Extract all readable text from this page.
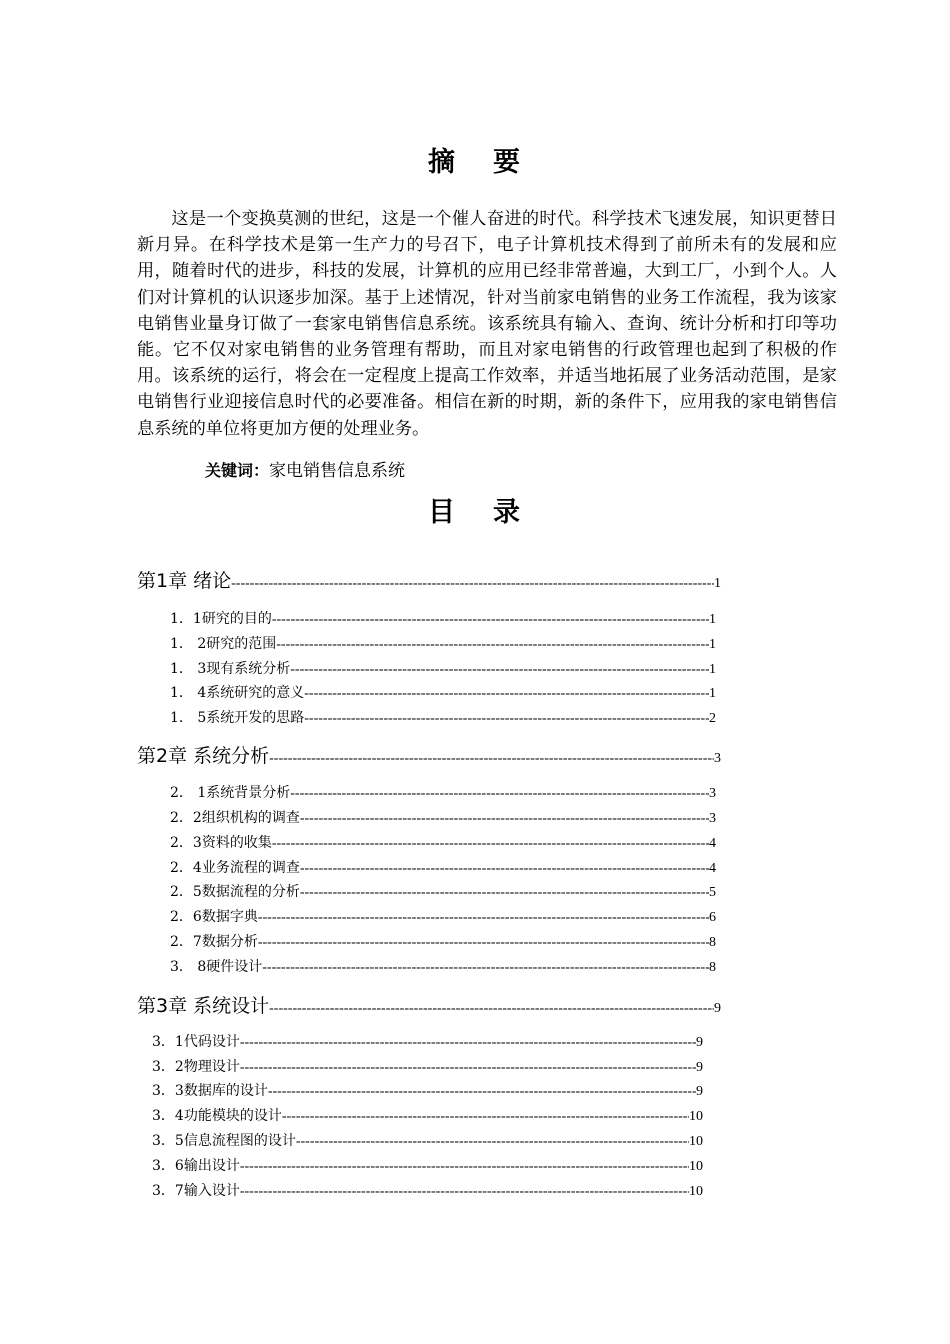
摘 要

这是一个变换莫测的世纪，这是一个催人奋进的时代。科学技术飞速发展，知识更替日新月异。在科学技术是第一生产力的号召下，电子计算机技术得到了前所未有的发展和应用，随着时代的进步，科技的发展，计算机的应用已经非常普遍，大到工厂，小到个人。人们对计算机的认识逐步加深。基于上述情况，针对当前家电销售的业务工作流程，我为该家电销售业量身订做了一套家电销售信息系统。该系统具有输入、查询、统计分析和打印等功能。它不仅对家电销售的业务管理有帮助，而且对家电销售的行政管理也起到了积极的作用。该系统的运行，将会在一定程度上提高工作效率，并适当地拓展了业务活动范围，是家电销售行业迎接信息时代的必要准备。相信在新的时期，新的条件下，应用我的家电销售信息系统的单位将更加方便的处理业务。

关键词：家电销售信息系统
目 录
第1章 绪论 -----	1
1．1研究的目的 -----	1
1． 2研究的范围 -----	1
1． 3现有系统分析 -----	1
1． 4系统研究的意义 -----	1
1． 5系统开发的思路 -----	2
第2章 系统分析 -----	3
2． 1系统背景分析 -----	3
2．2组织机构的调查 -----	3
2．3资料的收集 -----	4
2．4业务流程的调查 -----	4
2．5数据流程的分析 -----	5
2．6数据字典 -----	6
2．7数据分析 -----	8
3． 8硬件设计 -----	8
第3章 系统设计 -----	9
3．1代码设计 -----	9
3．2物理设计 -----	9
3．3数据库的设计 -----	9
3．4功能模块的设计 -----	10
3．5信息流程图的设计 -----	10
3．6输出设计 -----	10
3．7输入设计 -----	10
